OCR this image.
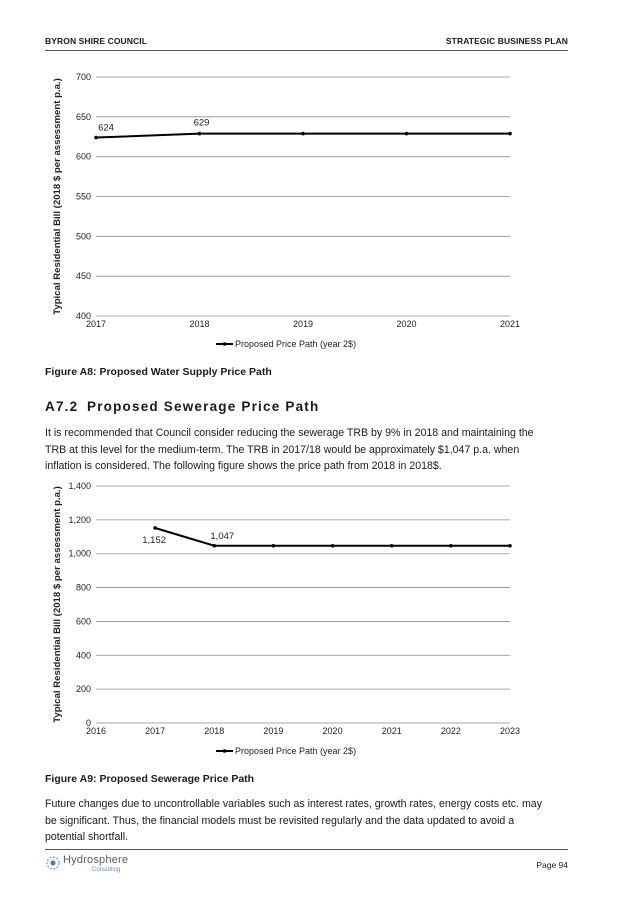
BYRON SHIRE COUNCIL	STRATEGIC BUSINESS PLAN
400
450
500
550
600
650
700
2017	2018	2019	2020	2021
Typical Residential Bill (2018 $ per assessment p.a.)	624	629
Proposed Price Path (year 2$)
Figure A8: Proposed Water Supply Price Path
A7.2 Proposed Sewerage Price Path

It is recommended that Council consider reducing the sewerage TRB by 9% in 2018 and maintaining the
TRB at this level for the medium-term. The TRB in 2017/18 would be approximately $1,047 p.a. when
inflation is considered. The following figure shows the price path from 2018 in 2018$.

0
200
400
600
800
1,000
1,200
1,400
2016	2017	2018	2019	2020	2021	2022	2023
Typical Residential Bill (2018 $ per assessment p.a.)	1,152	1,047
Proposed Price Path (year 2$)
Figure A9: Proposed Sewerage Price Path

Future changes due to uncontrollable variables such as interest rates, growth rates, energy costs etc. may
be significant. Thus, the financial models must be revisited regularly and the data updated to avoid a
potential shortfall.

Hydrosphere
Consulting	Page 94
